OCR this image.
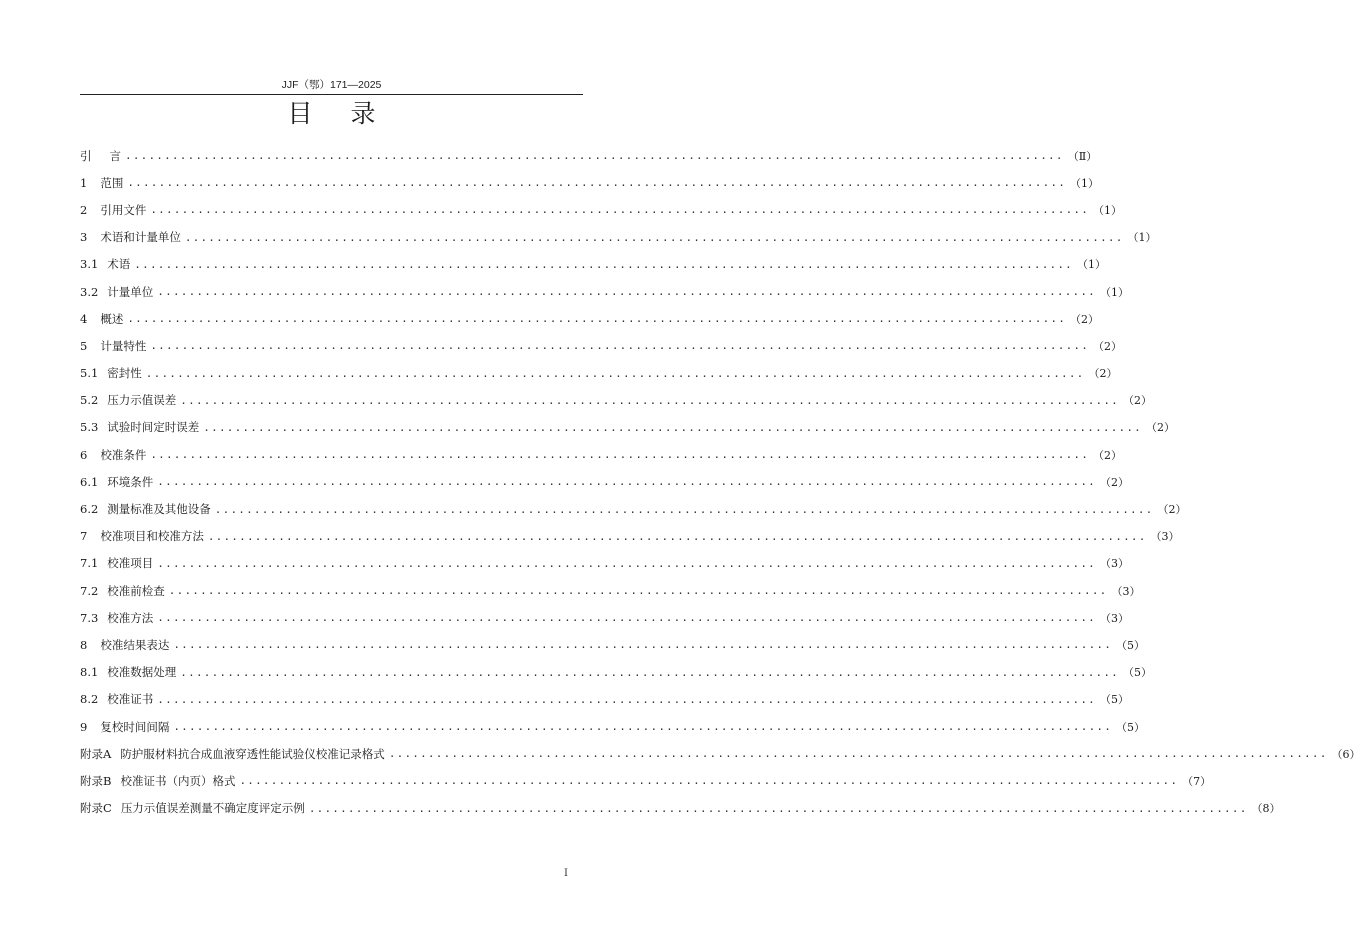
JJF（鄂）171—2025
目录
引 言 ........................................................................................................................ （Ⅱ）
1 范围 ........................................................................................................................ （1）
2 引用文件 ........................................................................................................................ （1）
3 术语和计量单位 ........................................................................................................................ （1）
3.1 术语 ........................................................................................................................ （1）
3.2 计量单位 ........................................................................................................................ （1）
4 概述 ........................................................................................................................ （2）
5 计量特性 ........................................................................................................................ （2）
5.1 密封性 ........................................................................................................................ （2）
5.2 压力示值误差 ........................................................................................................................ （2）
5.3 试验时间定时误差 ........................................................................................................................ （2）
6 校准条件 ........................................................................................................................ （2）
6.1 环境条件 ........................................................................................................................ （2）
6.2 测量标准及其他设备 ........................................................................................................................ （2）
7 校准项目和校准方法 ........................................................................................................................ （3）
7.1 校准项目 ........................................................................................................................ （3）
7.2 校准前检查 ........................................................................................................................ （3）
7.3 校准方法 ........................................................................................................................ （3）
8 校准结果表达 ........................................................................................................................ （5）
8.1 校准数据处理 ........................................................................................................................ （5）
8.2 校准证书 ........................................................................................................................ （5）
9 复校时间间隔 ........................................................................................................................ （5）
附录A 防护服材料抗合成血液穿透性能试验仪校准记录格式 ........................................................................................................................ （6）
附录B 校准证书（内页）格式 ........................................................................................................................ （7）
附录C 压力示值误差测量不确定度评定示例 ........................................................................................................................ （8）
I
